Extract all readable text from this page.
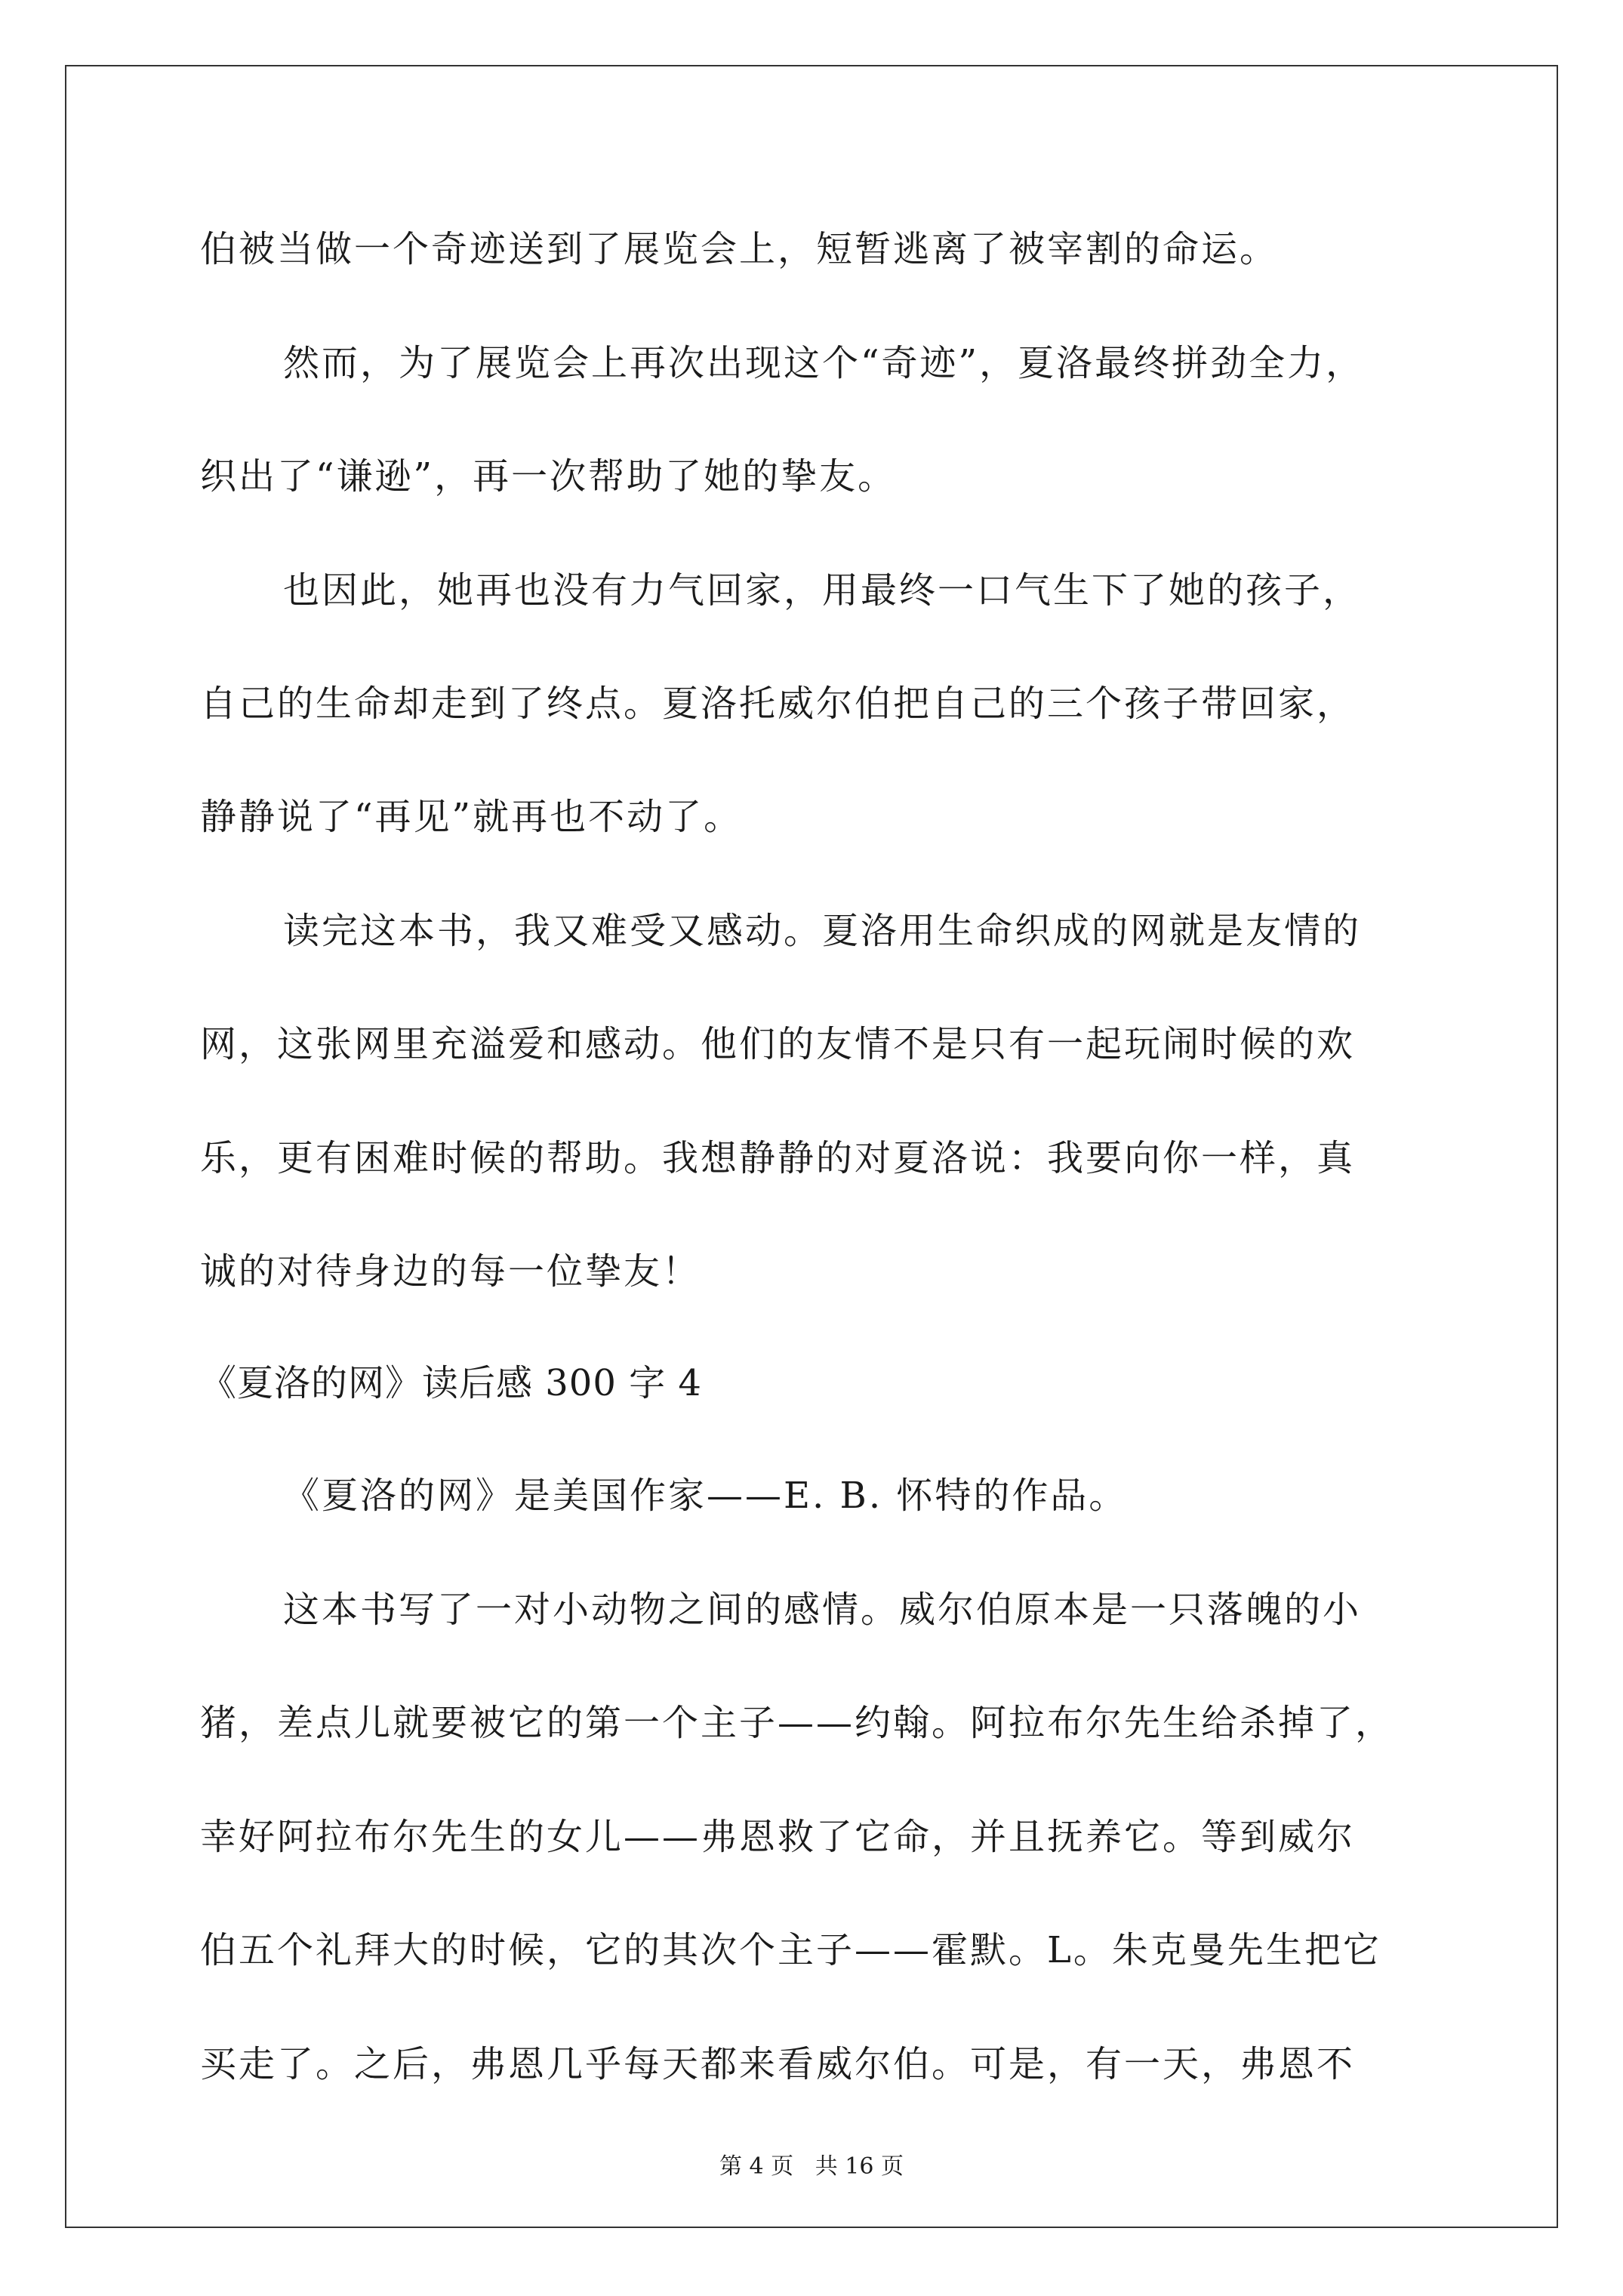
伯被当做一个奇迹送到了展览会上，短暂逃离了被宰割的命运。
然而，为了展览会上再次出现这个“奇迹”，夏洛最终拼劲全力，
织出了“谦逊”，再一次帮助了她的挚友。
也因此，她再也没有力气回家，用最终一口气生下了她的孩子，
自己的生命却走到了终点。夏洛托威尔伯把自己的三个孩子带回家，
静静说了“再见”就再也不动了。
读完这本书，我又难受又感动。夏洛用生命织成的网就是友情的
网，这张网里充溢爱和感动。他们的友情不是只有一起玩闹时候的欢
乐，更有困难时候的帮助。我想静静的对夏洛说：我要向你一样，真
诚的对待身边的每一位挚友！
《夏洛的网》读后感 300 字 4
《夏洛的网》是美国作家——E. B. 怀特的作品。
这本书写了一对小动物之间的感情。威尔伯原本是一只落魄的小
猪，差点儿就要被它的第一个主子——约翰。阿拉布尔先生给杀掉了，
幸好阿拉布尔先生的女儿——弗恩救了它命，并且抚养它。等到威尔
伯五个礼拜大的时候，它的其次个主子——霍默。L。朱克曼先生把它
买走了。之后，弗恩几乎每天都来看威尔伯。可是，有一天，弗恩不
第 4 页   共 16 页
